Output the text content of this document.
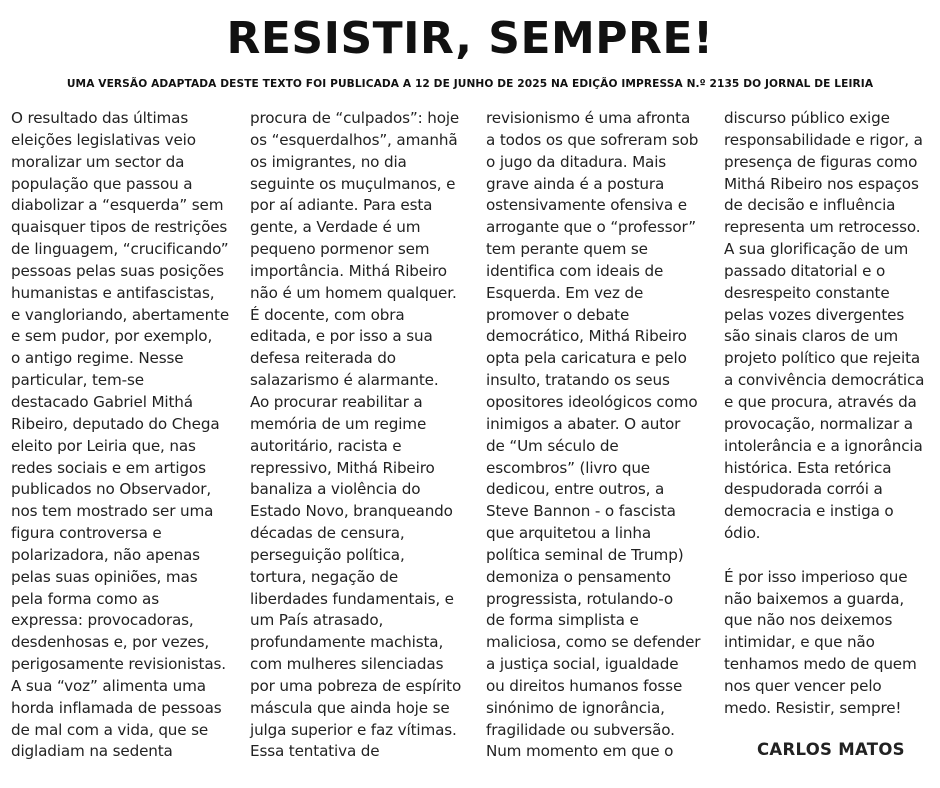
RESISTIR, SEMPRE!

UMA VERSÃO ADAPTADA DESTE TEXTO FOI PUBLICADA A 12 DE JUNHO DE 2025 NA EDIÇÃO IMPRESSA N.º 2135 DO JORNAL DE LEIRIA

O resultado das últimas
eleições legislativas veio
moralizar um sector da
população que passou a
diabolizar a “esquerda” sem
quaisquer tipos de restrições
de linguagem, “crucificando”
pessoas pelas suas posições
humanistas e antifascistas,
e vangloriando, abertamente
e sem pudor, por exemplo,
o antigo regime. Nesse
particular, tem-se
destacado Gabriel Mithá
Ribeiro, deputado do Chega
eleito por Leiria que, nas
redes sociais e em artigos
publicados no Observador,
nos tem mostrado ser uma
figura controversa e
polarizadora, não apenas
pelas suas opiniões, mas
pela forma como as
expressa: provocadoras,
desdenhosas e, por vezes,
perigosamente revisionistas.
A sua “voz” alimenta uma
horda inflamada de pessoas
de mal com a vida, que se
digladiam na sedenta
procura de “culpados”: hoje
os “esquerdalhos”, amanhã
os imigrantes, no dia
seguinte os muçulmanos, e
por aí adiante. Para esta
gente, a Verdade é um
pequeno pormenor sem
importância. Mithá Ribeiro
não é um homem qualquer.
É docente, com obra
editada, e por isso a sua
defesa reiterada do
salazarismo é alarmante.
Ao procurar reabilitar a
memória de um regime
autoritário, racista e
repressivo, Mithá Ribeiro
banaliza a violência do
Estado Novo, branqueando
décadas de censura,
perseguição política,
tortura, negação de
liberdades fundamentais, e
um País atrasado,
profundamente machista,
com mulheres silenciadas
por uma pobreza de espírito
máscula que ainda hoje se
julga superior e faz vítimas.
Essa tentativa de
revisionismo é uma afronta
a todos os que sofreram sob
o jugo da ditadura. Mais
grave ainda é a postura
ostensivamente ofensiva e
arrogante que o “professor”
tem perante quem se
identifica com ideais de
Esquerda. Em vez de
promover o debate
democrático, Mithá Ribeiro
opta pela caricatura e pelo
insulto, tratando os seus
opositores ideológicos como
inimigos a abater. O autor
de “Um século de
escombros” (livro que
dedicou, entre outros, a
Steve Bannon - o fascista
que arquitetou a linha
política seminal de Trump)
demoniza o pensamento
progressista, rotulando-o
de forma simplista e
maliciosa, como se defender
a justiça social, igualdade
ou direitos humanos fosse
sinónimo de ignorância,
fragilidade ou subversão.
Num momento em que o
discurso público exige
responsabilidade e rigor, a
presença de figuras como
Mithá Ribeiro nos espaços
de decisão e influência
representa um retrocesso.
A sua glorificação de um
passado ditatorial e o
desrespeito constante
pelas vozes divergentes
são sinais claros de um
projeto político que rejeita
a convivência democrática
e que procura, através da
provocação, normalizar a
intolerância e a ignorância
histórica. Esta retórica
despudorada corrói a
democracia e instiga o
ódio.
É por isso imperioso que
não baixemos a guarda,
que não nos deixemos
intimidar, e que não
tenhamos medo de quem
nos quer vencer pelo
medo. Resistir, sempre!
CARLOS MATOS
